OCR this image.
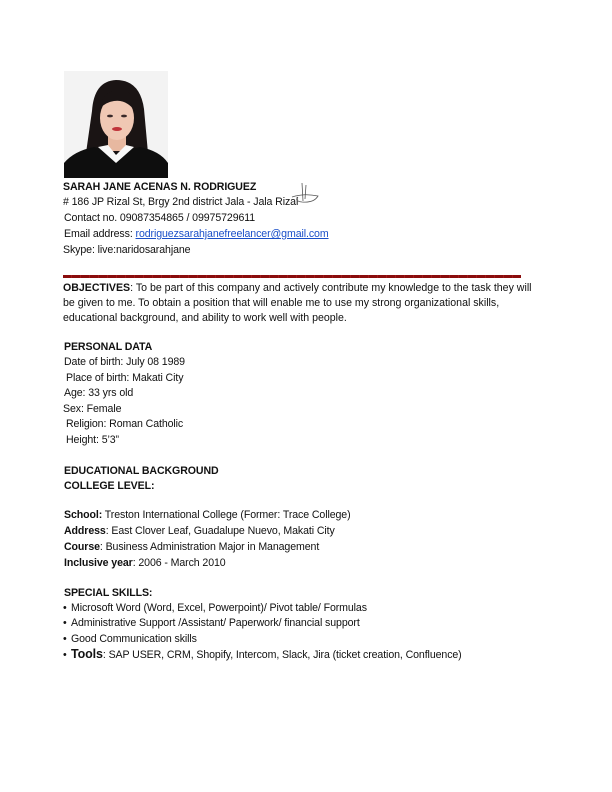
SARAH JANE ACENAS N. RODRIGUEZ
# 186 JP Rizal St, Brgy 2nd district Jala - Jala Rizal
Contact no. 09087354865 / 09975729611
Email address: rodriguezsarahjanefreelancer@gmail.com
Skype: live:naridosarahjane
OBJECTIVES: To be part of this company and actively contribute my knowledge to the task they will be given to me. To obtain a position that will enable me to use my strong organizational skills, educational background, and ability to work well with people.
PERSONAL DATA
Date of birth: July 08 1989
Place of birth: Makati City
Age: 33 yrs old
Sex: Female
Religion: Roman Catholic
Height: 5’3”
EDUCATIONAL BACKGROUND
COLLEGE LEVEL:
School: Treston International College (Former: Trace College)
Address: East Clover Leaf, Guadalupe Nuevo, Makati City
Course: Business Administration Major in Management
Inclusive year: 2006 - March 2010
SPECIAL SKILLS:
• Microsoft Word (Word, Excel, Powerpoint)/ Pivot table/ Formulas
• Administrative Support /Assistant/ Paperwork/ financial support
• Good Communication skills
• Tools: SAP USER, CRM, Shopify, Intercom, Slack, Jira (ticket creation, Confluence)
